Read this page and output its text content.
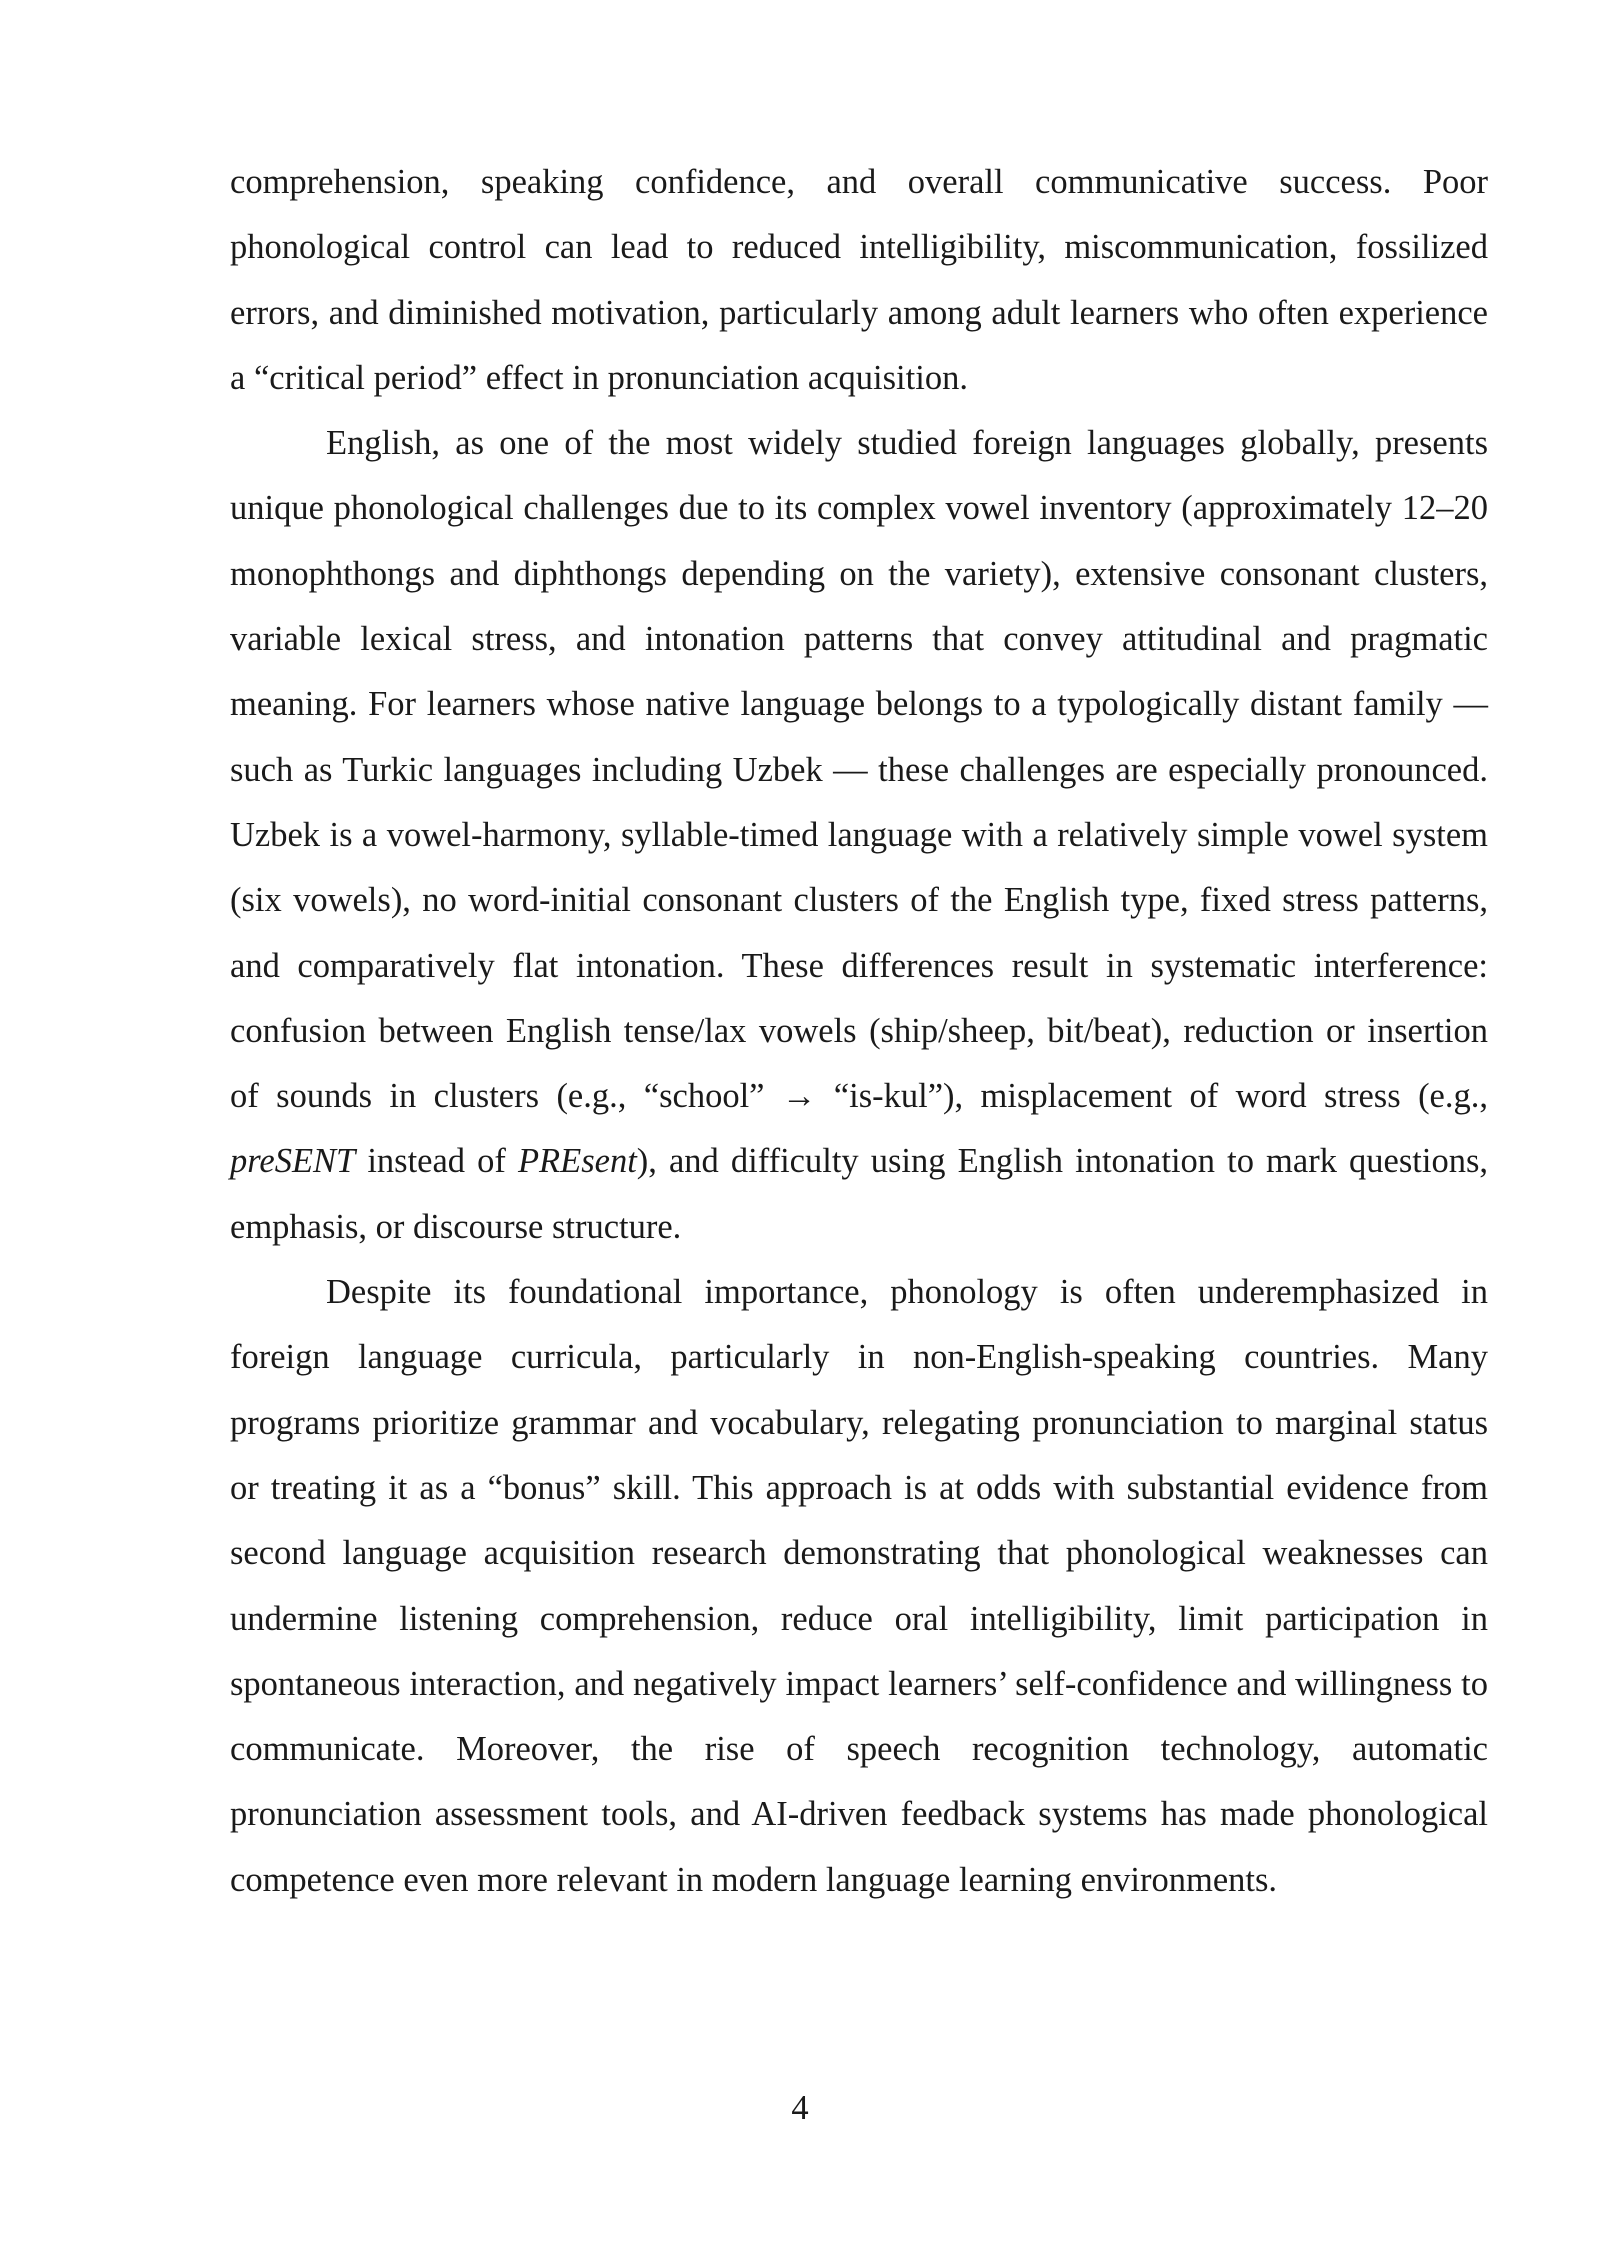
comprehension, speaking confidence, and overall communicative success. Poor phonological control can lead to reduced intelligibility, miscommunication, fossilized errors, and diminished motivation, particularly among adult learners who often experience a “critical period” effect in pronunciation acquisition.

English, as one of the most widely studied foreign languages globally, presents unique phonological challenges due to its complex vowel inventory (approximately 12–20 monophthongs and diphthongs depending on the variety), extensive consonant clusters, variable lexical stress, and intonation patterns that convey attitudinal and pragmatic meaning. For learners whose native language belongs to a typologically distant family — such as Turkic languages including Uzbek — these challenges are especially pronounced. Uzbek is a vowel-harmony, syllable-timed language with a relatively simple vowel system (six vowels), no word-initial consonant clusters of the English type, fixed stress patterns, and comparatively flat intonation. These differences result in systematic interference: confusion between English tense/lax vowels (ship/sheep, bit/beat), reduction or insertion of sounds in clusters (e.g., “school” → “is-kul”), misplacement of word stress (e.g., preSENT instead of PREsent), and difficulty using English intonation to mark questions, emphasis, or discourse structure.

Despite its foundational importance, phonology is often underemphasized in foreign language curricula, particularly in non-English-speaking countries. Many programs prioritize grammar and vocabulary, relegating pronunciation to marginal status or treating it as a “bonus” skill. This approach is at odds with substantial evidence from second language acquisition research demonstrating that phonological weaknesses can undermine listening comprehension, reduce oral intelligibility, limit participation in spontaneous interaction, and negatively impact learners’ self-confidence and willingness to communicate. Moreover, the rise of speech recognition technology, automatic pronunciation assessment tools, and AI-driven feedback systems has made phonological competence even more relevant in modern language learning environments.

4
